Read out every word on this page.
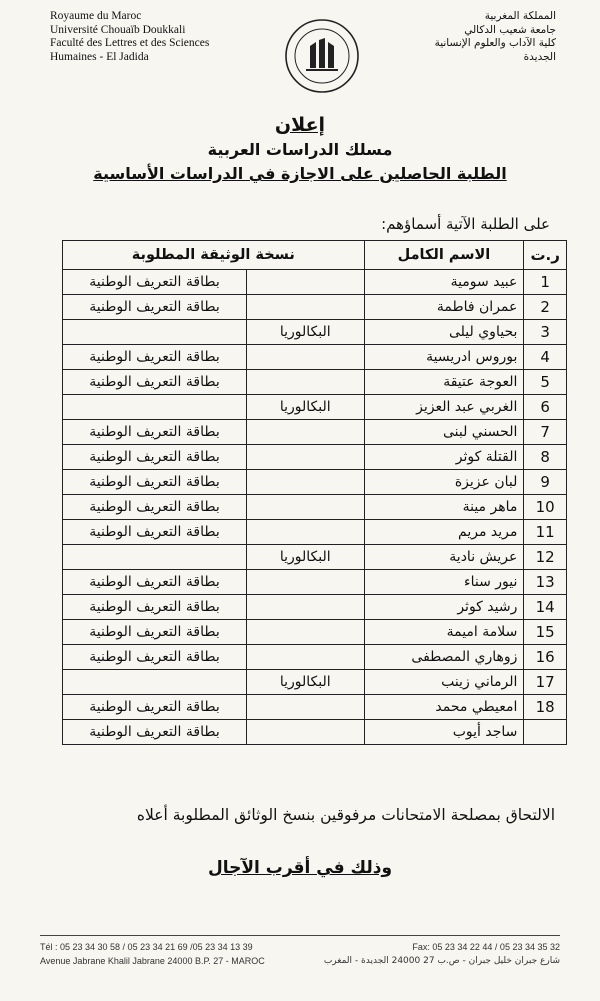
Royaume du Maroc
Université Chouaïb Doukkali
Faculté des Lettres et des Sciences
Humaines - El Jadida
المملكة المغربية
جامعة شعيب الدكالي
كلية الآداب والعلوم الإنسانية
الجديدة
إعلان
مسلك الدراسات العربية
الطلبة الحاصلين على الاجازة في الدراسات الأساسية
على الطلبة الآتية أسماؤهم:
ر.ت	الاسم الكامل	نسخة الوثيقة المطلوبة	
1	عبيد سومية		بطاقة التعريف الوطنية
2	عمران فاطمة		بطاقة التعريف الوطنية
3	بحياوي ليلى	البكالوريا	
4	بوروس ادريسية		بطاقة التعريف الوطنية
5	العوجة عتيقة		بطاقة التعريف الوطنية
6	الغربي عبد العزيز	البكالوريا	
7	الحسني لبنى		بطاقة التعريف الوطنية
8	القتلة كوثر		بطاقة التعريف الوطنية
9	لبان عزيزة		بطاقة التعريف الوطنية
10	ماهر مينة		بطاقة التعريف الوطنية
11	مريد مريم		بطاقة التعريف الوطنية
12	عريش نادية	البكالوريا	
13	نيور سناء		بطاقة التعريف الوطنية
14	رشيد كوثر		بطاقة التعريف الوطنية
15	سلامة اميمة		بطاقة التعريف الوطنية
16	زوهاري المصطفى		بطاقة التعريف الوطنية
17	الرماني زينب	البكالوريا	
18	امعيطي محمد		بطاقة التعريف الوطنية
	ساجد أيوب		بطاقة التعريف الوطنية
الالتحاق بمصلحة الامتحانات مرفوقين بنسخ الوثائق المطلوبة أعلاه
وذلك في أقرب الآجال
Tél : 05 23 34 30 58 / 05 23 34 21 69 /05 23 34 13 39	Fax: 05 23 34 22 44 / 05 23 34 35 32
Avenue Jabrane Khalil Jabrane 24000 B.P. 27 - MAROC	شارع جبران خليل جبران - ص.ب 27 24000 الجديدة - المغرب
